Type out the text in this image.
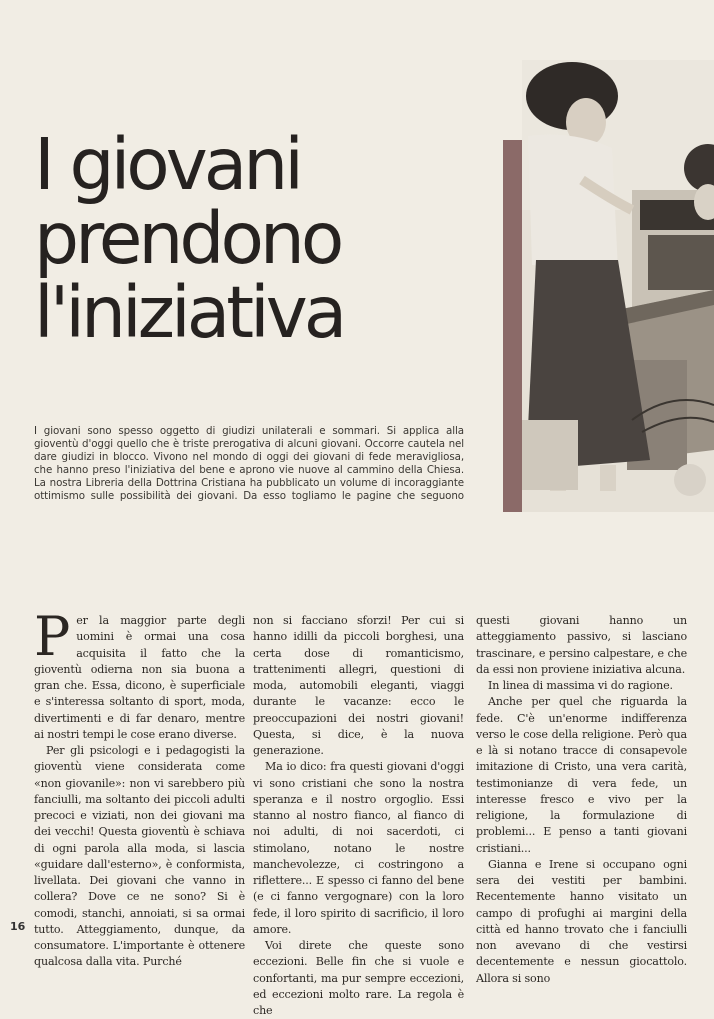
I giovani
prendono
l'iniziativa
I giovani sono spesso oggetto di giudizi unilaterali e sommari. Si applica alla gioventù d'oggi quello che è triste prerogativa di alcuni giovani. Occorre cautela nel dare giudizi in blocco. Vivono nel mondo di oggi dei giovani di fede meravigliosa, che hanno preso l'iniziativa del bene e aprono vie nuove al cammino della Chiesa. La nostra Libreria della Dottrina Cristiana ha pubblicato un volume di incoraggiante ottimismo sulle possibilità dei giovani. Da esso togliamo le pagine che seguono

Per la maggior parte degli uomini è ormai una cosa acquisita il fatto che la gioventù odierna non sia buona a gran che. Essa, dicono, è superficiale e s'interessa soltanto di sport, moda, divertimenti e di far denaro, mentre ai nostri tempi le cose erano diverse.

Per gli psicologi e i pedagogisti la gioventù viene considerata come «non giovanile»: non vi sarebbero più fanciulli, ma soltanto dei piccoli adulti precoci e viziati, non dei giovani ma dei vecchi! Questa gioventù è schiava di ogni parola alla moda, si lascia «guidare dall'esterno», è conformista, livellata. Dei giovani che vanno in collera? Dove ce ne sono? Si è comodi, stanchi, annoiati, si sa ormai tutto. Atteggiamento, dunque, da consumatore. L'importante è ottenere qualcosa dalla vita. Purché

non si facciano sforzi! Per cui si hanno idilli da piccoli borghesi, una certa dose di romanticismo, trattenimenti allegri, questioni di moda, automobili eleganti, viaggi durante le vacanze: ecco le preoccupazioni dei nostri giovani! Questa, si dice, è la nuova generazione.

Ma io dico: fra questi giovani d'oggi vi sono cristiani che sono la nostra speranza e il nostro orgoglio. Essi stanno al nostro fianco, al fianco di noi adulti, di noi sacerdoti, ci stimolano, notano le nostre manchevolezze, ci costringono a riflettere... E spesso ci fanno del bene (e ci fanno vergognare) con la loro fede, il loro spirito di sacrificio, il loro amore.

Voi direte che queste sono eccezioni. Belle fin che si vuole e confortanti, ma pur sempre eccezioni, ed eccezioni molto rare. La regola è che

questi giovani hanno un atteggiamento passivo, si lasciano trascinare, e persino calpestare, e che da essi non proviene iniziativa alcuna.

In linea di massima vi do ragione.

Anche per quel che riguarda la fede. C'è un'enorme indifferenza verso le cose della religione. Però qua e là si notano tracce di consapevole imitazione di Cristo, una vera carità, testimonianze di vera fede, un interesse fresco e vivo per la religione, la formulazione di problemi... E penso a tanti giovani cristiani...

Gianna e Irene si occupano ogni sera dei vestiti per bambini. Recentemente hanno visitato un campo di profughi ai margini della città ed hanno trovato che i fanciulli non avevano di che vestirsi decentemente e nessun giocattolo. Allora si sono

16
